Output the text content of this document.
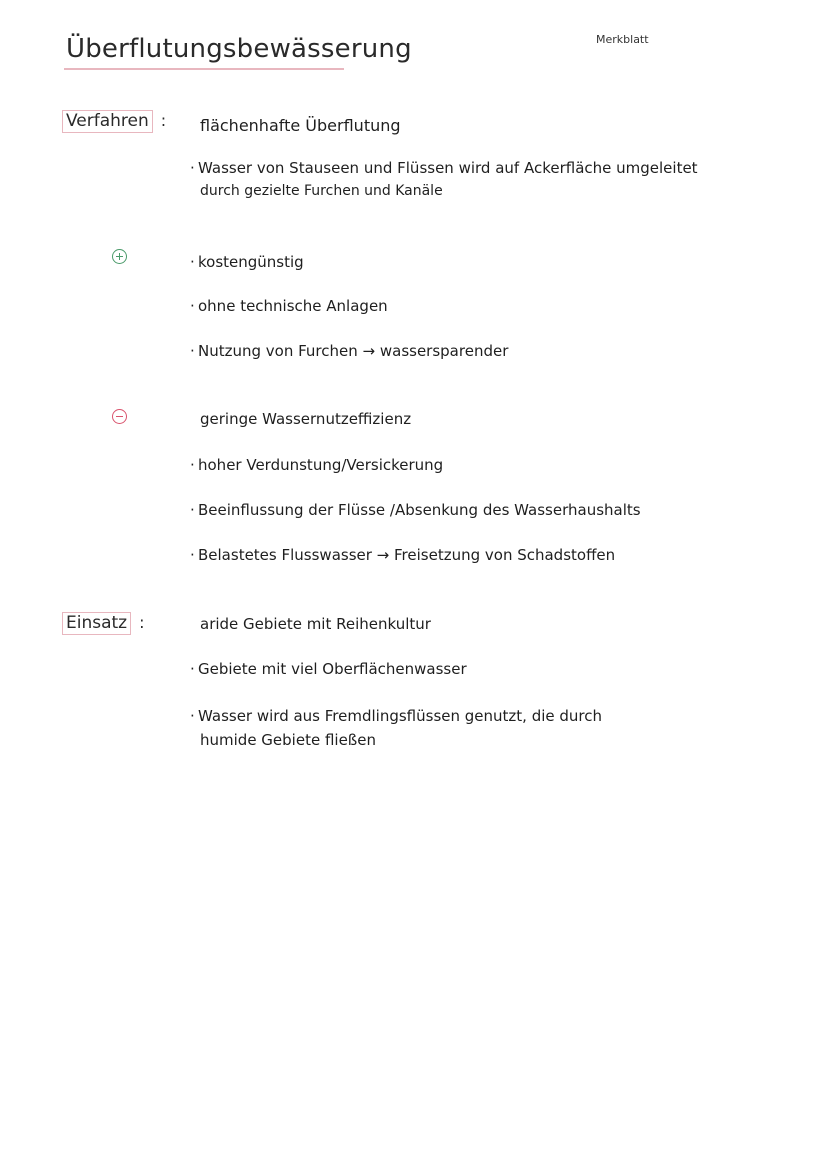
Überflutungsbewässerung	Merkblatt
Verfahren : flächenhafte Überflutung
· Wasser von Stauseen und Flüssen wird auf Ackerfläche umgeleitet
durch gezielte Furchen und Kanäle
· kostengünstig
· ohne technische Anlagen
· Nutzung von Furchen → wassersparender
geringe Wassernutzeffizienz
· hoher Verdunstung/Versickerung
· Beeinflussung der Flüsse /Absenkung des Wasserhaushalts
· Belastetes Flusswasser → Freisetzung von Schadstoffen
Einsatz :	aride Gebiete mit Reihenkultur
· Gebiete mit viel Oberflächenwasser
· Wasser wird aus Fremdlingsflüssen genutzt, die durch
humide Gebiete fließen
